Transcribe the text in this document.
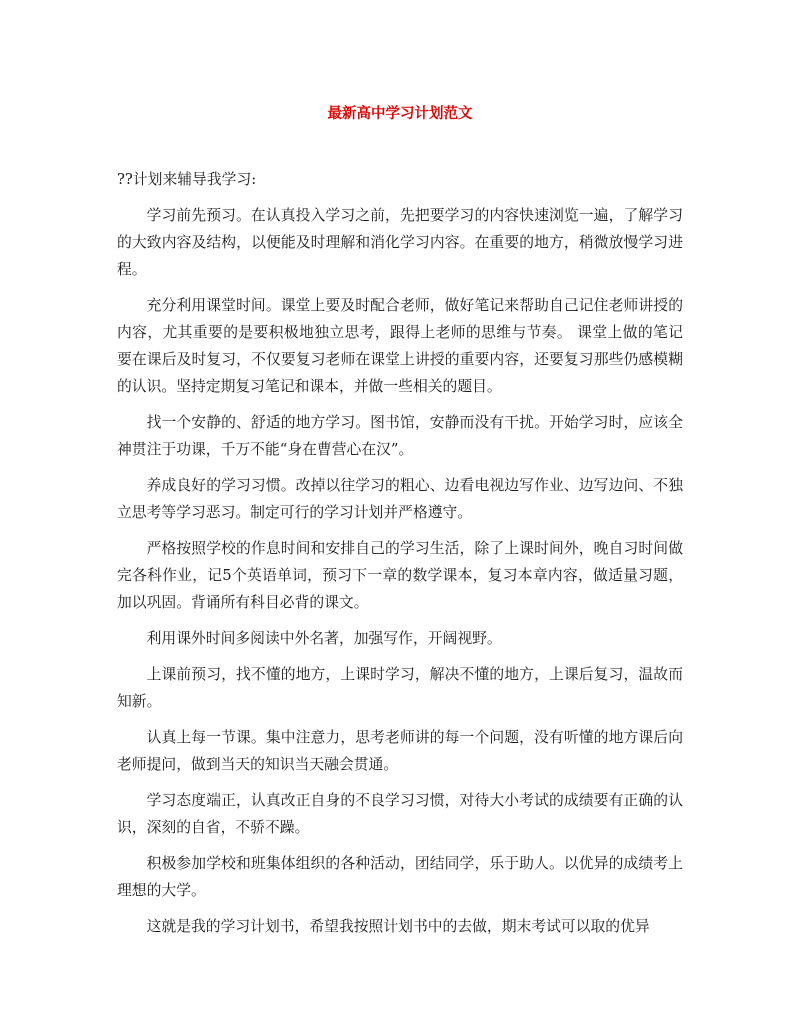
最新高中学习计划范文

??计划来辅导我学习:

学习前先预习。在认真投入学习之前，先把要学习的内容快速浏览一遍，了解学习的大致内容及结构，以便能及时理解和消化学习内容。在重要的地方，稍微放慢学习进程。

充分利用课堂时间。课堂上要及时配合老师，做好笔记来帮助自己记住老师讲授的内容，尤其重要的是要积极地独立思考，跟得上老师的思维与节奏。 课堂上做的笔记要在课后及时复习，不仅要复习老师在课堂上讲授的重要内容，还要复习那些仍感模糊的认识。坚持定期复习笔记和课本，并做一些相关的题目。

找一个安静的、舒适的地方学习。图书馆，安静而没有干扰。开始学习时，应该全神贯注于功课，千万不能“身在曹营心在汉”。

养成良好的学习习惯。改掉以往学习的粗心、边看电视边写作业、边写边问、不独立思考等学习恶习。制定可行的学习计划并严格遵守。

严格按照学校的作息时间和安排自己的学习生活，除了上课时间外，晚自习时间做完各科作业，记5个英语单词，预习下一章的数学课本，复习本章内容，做适量习题，加以巩固。背诵所有科目必背的课文。

利用课外时间多阅读中外名著，加强写作，开阔视野。

上课前预习，找不懂的地方，上课时学习，解决不懂的地方，上课后复习，温故而知新。

认真上每一节课。集中注意力，思考老师讲的每一个问题，没有听懂的地方课后向老师提问，做到当天的知识当天融会贯通。

学习态度端正，认真改正自身的不良学习习惯，对待大小考试的成绩要有正确的认识，深刻的自省，不骄不躁。

积极参加学校和班集体组织的各种活动，团结同学，乐于助人。以优异的成绩考上理想的大学。

这就是我的学习计划书，希望我按照计划书中的去做，期末考试可以取的优异
